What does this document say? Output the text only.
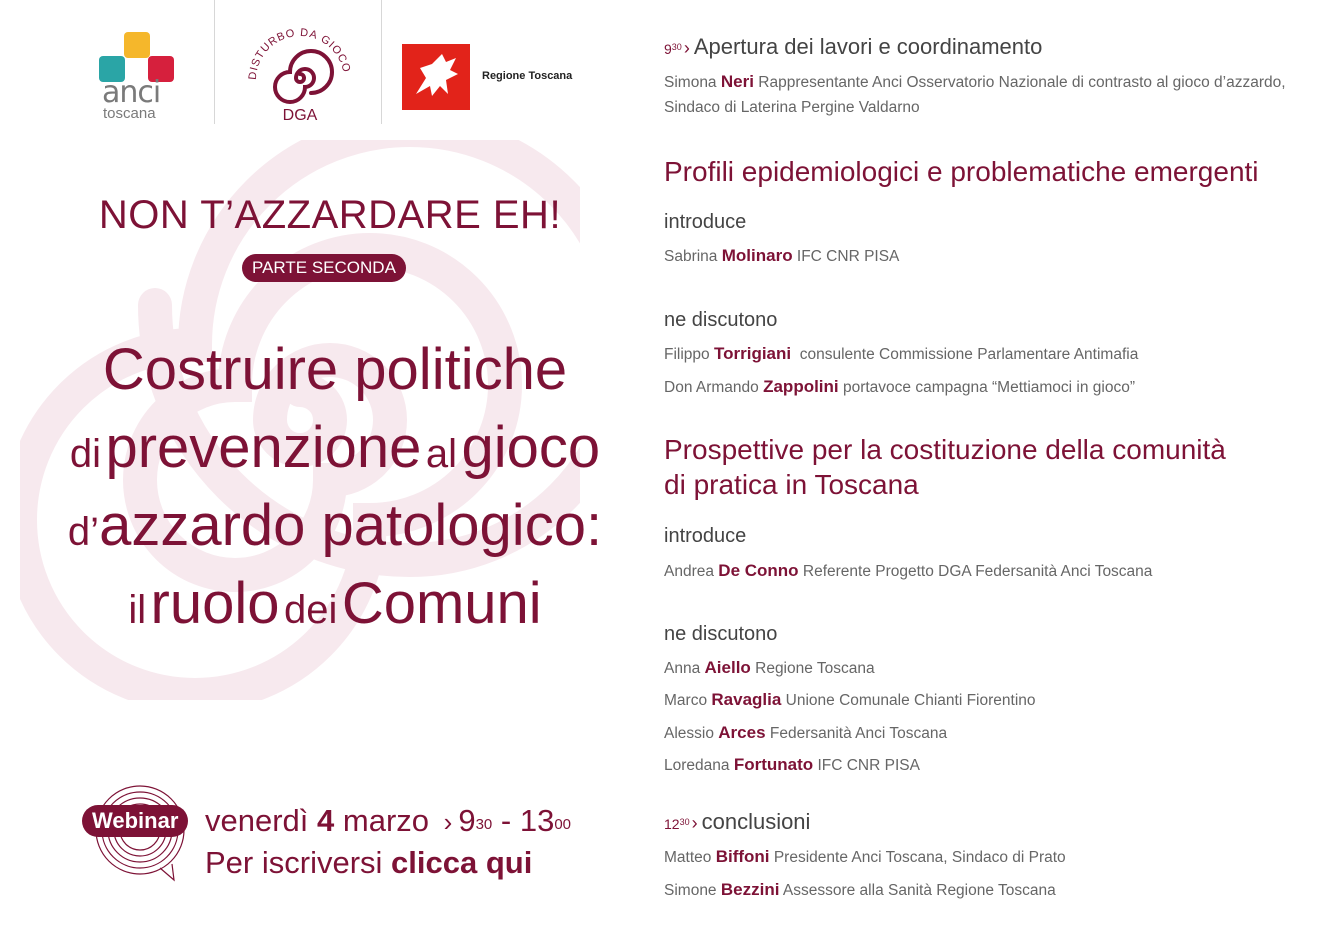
anci
toscana
DISTURBO DA GIOCO
DGA
Regione Toscana
NON T’AZZARDARE EH!
PARTE SECONDA
Costruire politiche
di prevenzione al gioco
d’azzardo patologico:
il ruolo dei Comuni
Webinar venerdì 4 marzo › $9^{30} - 13^{00}$
Per iscriversi clicca qui
$9^{30}$ › Apertura dei lavori e coordinamento
Simona Neri Rappresentante Anci Osservatorio Nazionale di contrasto al gioco d’azzardo,
Sindaco di Laterina Pergine Valdarno
Profili epidemiologici e problematiche emergenti
introduce
Sabrina Molinaro IFC CNR PISA
ne discutono
Filippo Torrigiani consulente Commissione Parlamentare Antimafia
Don Armando Zappolini portavoce campagna “Mettiamoci in gioco”
Prospettive per la costituzione della comunità
di pratica in Toscana
introduce
Andrea De Conno Referente Progetto DGA Federsanità Anci Toscana
ne discutono
Anna Aiello Regione Toscana
Marco Ravaglia Unione Comunale Chianti Fiorentino
Alessio Arces Federsanità Anci Toscana
Loredana Fortunato IFC CNR PISA
$12^{30}$ › conclusioni
Matteo Biffoni Presidente Anci Toscana, Sindaco di Prato
Simone Bezzini Assessore alla Sanità Regione Toscana
